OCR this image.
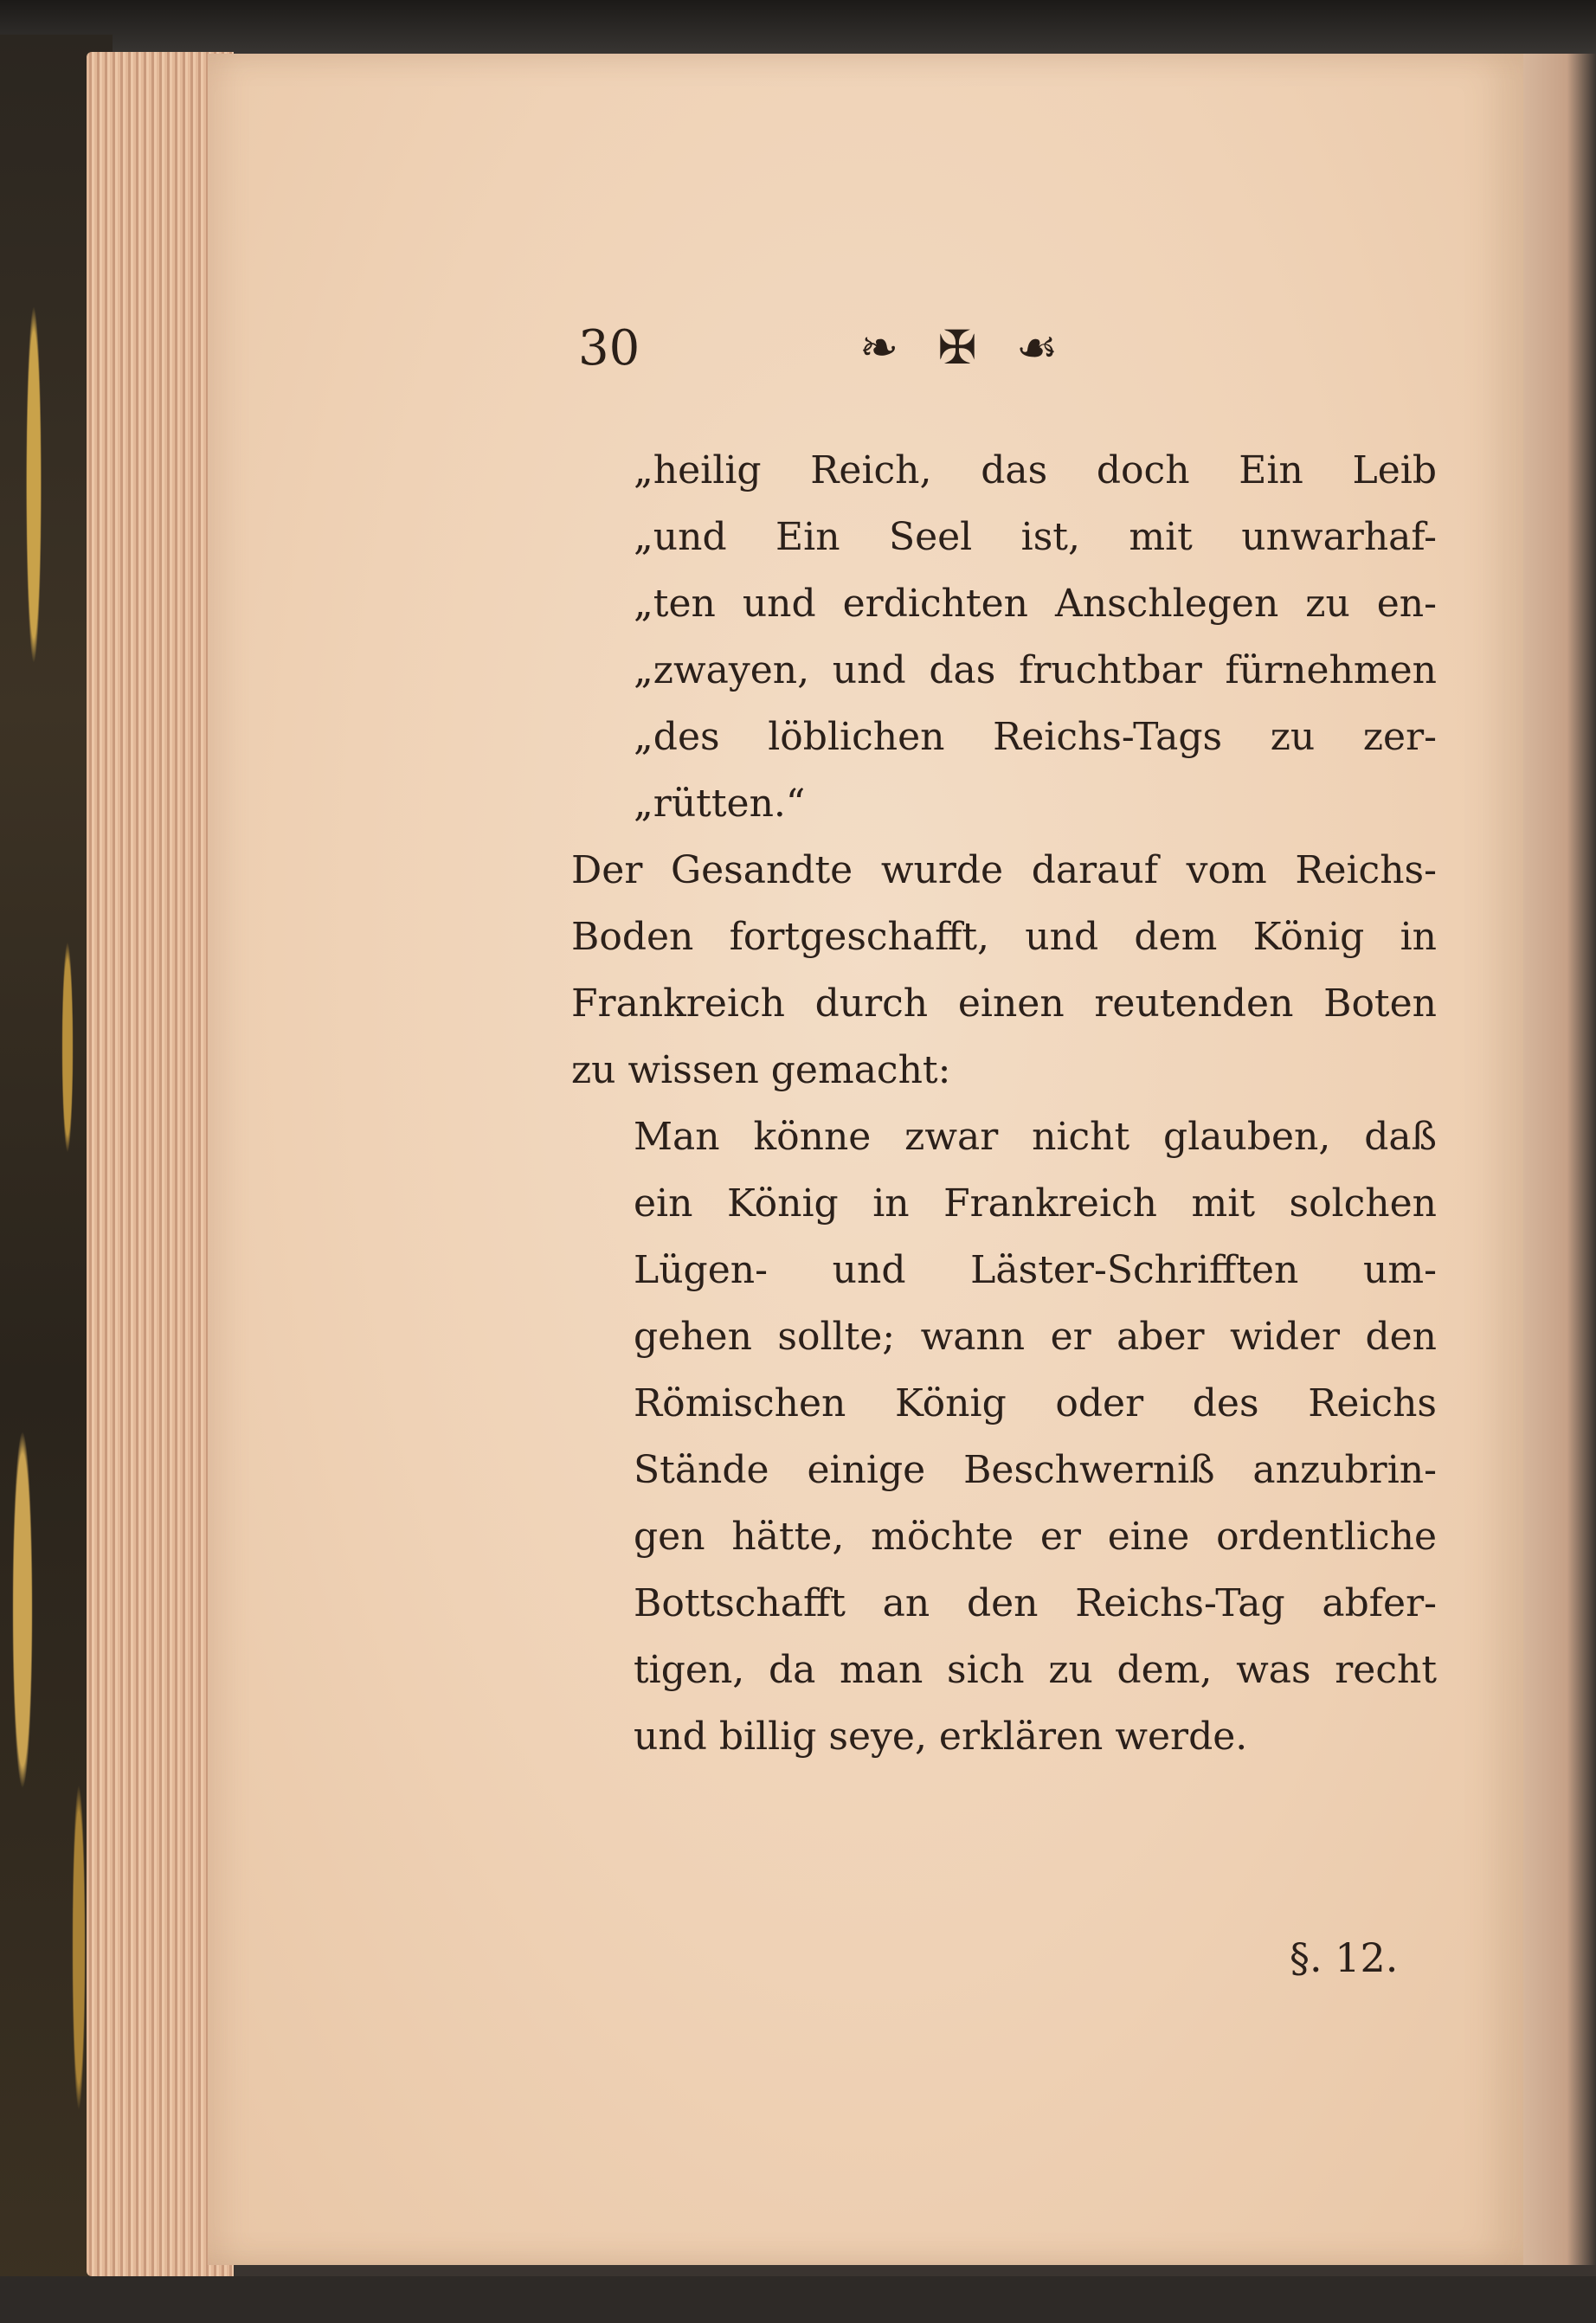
30	❧ ✠ ☙
„heilig Reich, das doch Ein Leib
„und Ein Seel ist, mit unwarhaf-
„ten und erdichten Anschlegen zu en-
„zwayen, und das fruchtbar fürnehmen
„des löblichen Reichs-Tags zu zer-
„rütten.“
Der Gesandte wurde darauf vom Reichs-
Boden fortgeschafft, und dem König in
Frankreich durch einen reutenden Boten
zu wissen gemacht:
Man könne zwar nicht glauben, daß
ein König in Frankreich mit solchen
Lügen- und Läster-Schrifften um-
gehen sollte; wann er aber wider den
Römischen König oder des Reichs
Stände einige Beschwerniß anzubrin-
gen hätte, möchte er eine ordentliche
Bottschafft an den Reichs-Tag abfer-
tigen, da man sich zu dem, was recht
und billig seye, erklären werde.
§. 12.
